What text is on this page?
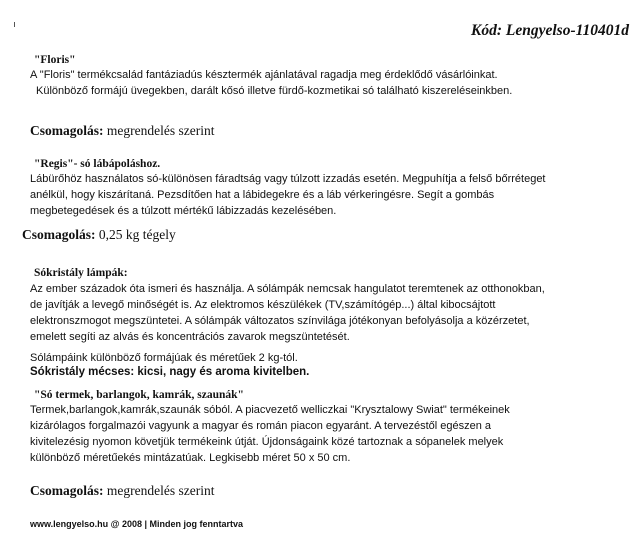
Kód: Lengyelso-110401d
"Floris"
A "Floris" termékcsalád fantáziadús késztermék ajánlatával ragadja meg érdeklődő vásárlóinkat.
Különböző formájú üvegekben, darált kősó illetve fürdő-kozmetikai só található kiszereléseinkben.
Csomagolás: megrendelés szerint
"Regis"- só lábápoláshoz.
Lábürőhöz használatos só-különösen fáradtság vagy túlzott izzadás esetén. Megpuhítja a felső bőrréteget
anélkül, hogy kiszárítaná. Pezsdítően hat a lábidegekre és a láb vérkeringésre. Segít a gombás
megbetegedések és a túlzott mértékű lábizzadás kezelésében.
Csomagolás: 0,25 kg tégely
Sókristály lámpák:
Az ember századok óta ismeri és használja. A sólámpák nemcsak hangulatot teremtenek az otthonokban,
de javítják a levegő minőségét is. Az elektromos készülékek (TV,számítógép...) által kibocsájtott
elektronszmogot megszüntetei. A sólámpák változatos színvilága jótékonyan befolyásolja a közérzetet,
emelett segíti az alvás és koncentrációs zavarok megszüntetését.
Sólámpáink különböző formájúak és méretűek 2 kg-tól.
Sókristály mécses: kicsi, nagy és aroma kivitelben.
"Só termek, barlangok, kamrák, szaunák"
Termek,barlangok,kamrák,szaunák sóból. A piacvezető welliczkai "Krysztalowy Swiat" termékeinek
kizárólagos forgalmazói vagyunk a magyar és román piacon egyaránt. A tervezéstől egészen a
kivitelezésig nyomon követjük termékeink útját. Újdonságaink közé tartoznak a sópanelek melyek
különböző méretűekés mintázatúak. Legkisebb méret 50 x 50 cm.
Csomagolás: megrendelés szerint
www.lengyelso.hu @ 2008 | Minden jog fenntartva
